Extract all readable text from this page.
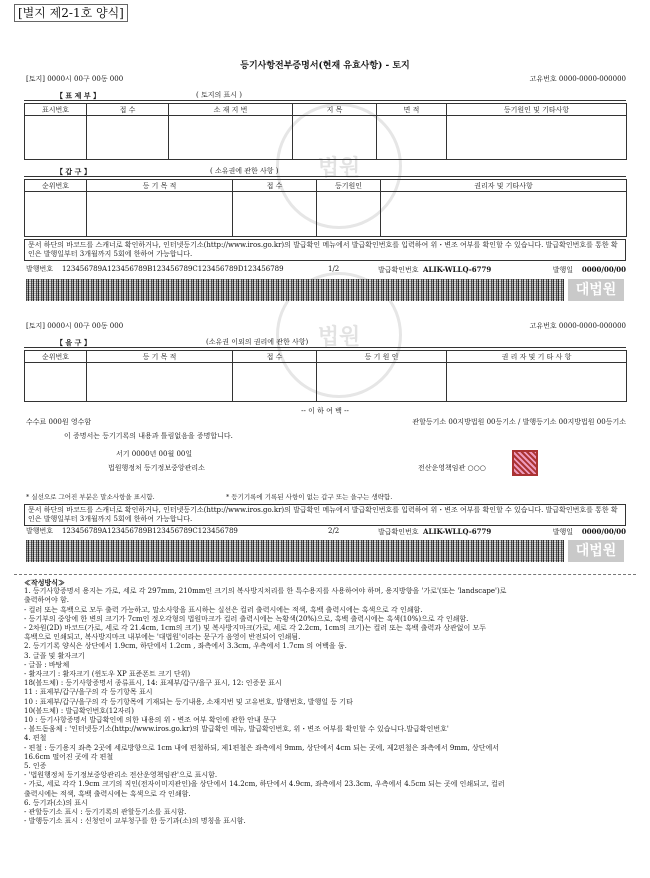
[별지 제2-1호 양식]
법원
법원
등기사항전부증명서(현재 유효사항) - 토지
[토지] 0000시 00구 00동 000	고유번호 0000-0000-000000
【 표 제 부 】	( 토지의 표시 )
표시번호	접 수	소 재 지 번	지 목	면 적	등기원인 및 기타사항

【 갑 구 】	( 소유권에 관한 사항 )
순위번호	등 기 목 적	접 수	등기원인	권리자 및 기타사항

문서 하단의 바코드를 스캐너로 확인하거나, 인터넷등기소(http://www.iros.go.kr)의 발급확인 메뉴에서 발급확인번호를 입력하여 위・변조 여부를 확인할 수 있습니다. 발급확인번호를 통한 확인은 발행일부터 3개월까지 5회에 한하여 가능합니다.
발행번호 123456789A123456789B123456789C123456789D123456789	1/2	발급확인번호 ALIK-WLLQ-6779	발행일 0000/00/00
대법원
[토지] 0000시 00구 00동 000	고유번호 0000-0000-000000
【 을 구 】	(소유권 이외의 권리에 관한 사항)
순위번호	등 기 목 적	접 수	등 기 원 인	권 리 자 및 기 타 사 항

-- 이 하 여 백 --
수수료 000원 영수함	관할등기소 00지방법원 00등기소 / 발행등기소 00지방법원 00등기소
이 증명서는 등기기록의 내용과 틀림없음을 증명합니다.
서기 0000년 00월 00일
법원행정처 등기정보중앙관리소	전산운영책임관 ○○○
* 실선으로 그어진 부분은 말소사항을 표시함.	* 등기기록에 기록된 사항이 없는 갑구 또는 을구는 생략함.
문서 하단의 바코드를 스캐너로 확인하거나, 인터넷등기소(http://www.iros.go.kr)의 발급확인 메뉴에서 발급확인번호를 입력하여 위・변조 여부를 확인할 수 있습니다. 발급확인번호를 통한 확인은 발행일부터 3개월까지 5회에 한하여 가능합니다.
발행번호 123456789A123456789B123456789C123456789	2/2	발급확인번호 ALIK-WLLQ-6779	발행일 0000/00/00
대법원
≪작성방식≫
1. 등기사항증명서 용지는 가로, 세로 각 297mm, 210mm인 크기의 복사방지처리를 한 특수용지를 사용하여야 하며, 용지방향을 '가로'(또는 'landscape')로
출력하여야 함.
- 컬러 또는 흑백으로 모두 출력 가능하고, 말소사항을 표시하는 실선은 컬러 출력시에는 적색, 흑백 출력시에는 흑색으로 각 인쇄함.
- 등기부의 중앙에 한 변의 크기가 7cm인 정오각형의 법원마크가 컬러 출력시에는 녹황색(20%)으로, 흑백 출력시에는 흑색(10%)으로 각 인쇄함.
- 2차원(2D) 바코드(가로, 세로 각 21.4cm, 1cm의 크기) 및 복사방지마크(가로, 세로 각 2.2cm, 1cm의 크기)는 컬러 또는 흑백 출력과 상관없이 모두
흑백으로 인쇄되고, 복사방지마크 내부에는 '대법원'이라는 문구가 음영이 반전되어 인쇄됨.
2. 등기기록 양식은 상단에서 1.9cm, 하단에서 1.2cm , 좌측에서 3.3cm, 우측에서 1.7cm 의 여백을 둠.
3. 글꼴 및 활자크기
- 글꼴 : 바탕체
- 활자크기 : 활자크기 (윈도우 XP 표준폰트 크기 단위)
18(볼드체) : 등기사항증명서 종류표시, 14: 표제부/갑구/을구 표시, 12: 인증문 표시
11 : 표제부/갑구/을구의 각 등기항목 표시
10 : 표제부/갑구/을구의 각 등기항목에 기재되는 등기내용, 소재지번 및 고유번호, 발행번호, 발행일 등 기타
10(볼드체) : 발급확인번호(12자리)
10 : 등기사항증명서 발급확인에 의한 내용의 위・변조 여부 확인에 관한 안내 문구
- 볼드돋움체 : '인터넷등기소(http://www.iros.go.kr)의 발급확인 메뉴, 발급확인번호, 위・변조 여부를 확인할 수 있습니다.발급확인번호'
4. 편철
- 편철 : 등기용지 좌측 2곳에 세로방향으로 1cm 내에 편철하되, 제1편철은 좌측에서 9mm, 상단에서 4cm 되는 곳에, 제2편철은 좌측에서 9mm, 상단에서
16.6cm 떨어진 곳에 각 편철
5. 인증
- '법원행정처 등기정보중앙관리소 전산운영책임관'으로 표시함.
- 가로, 세로 각각 1.9cm 크기의 직인(전자이미지관인)을 상단에서 14.2cm, 하단에서 4.9cm, 좌측에서 23.3cm, 우측에서 4.5cm 되는 곳에 인쇄되고, 컬러
출력시에는 적색, 흑백 출력시에는 흑색으로 각 인쇄함.
6. 등기과(소)의 표시
- 관할등기소 표시 : 등기기록의 관할등기소를 표시함.
- 발행등기소 표시 : 신청인이 교부청구를 한 등기과(소)의 명칭을 표시함.
